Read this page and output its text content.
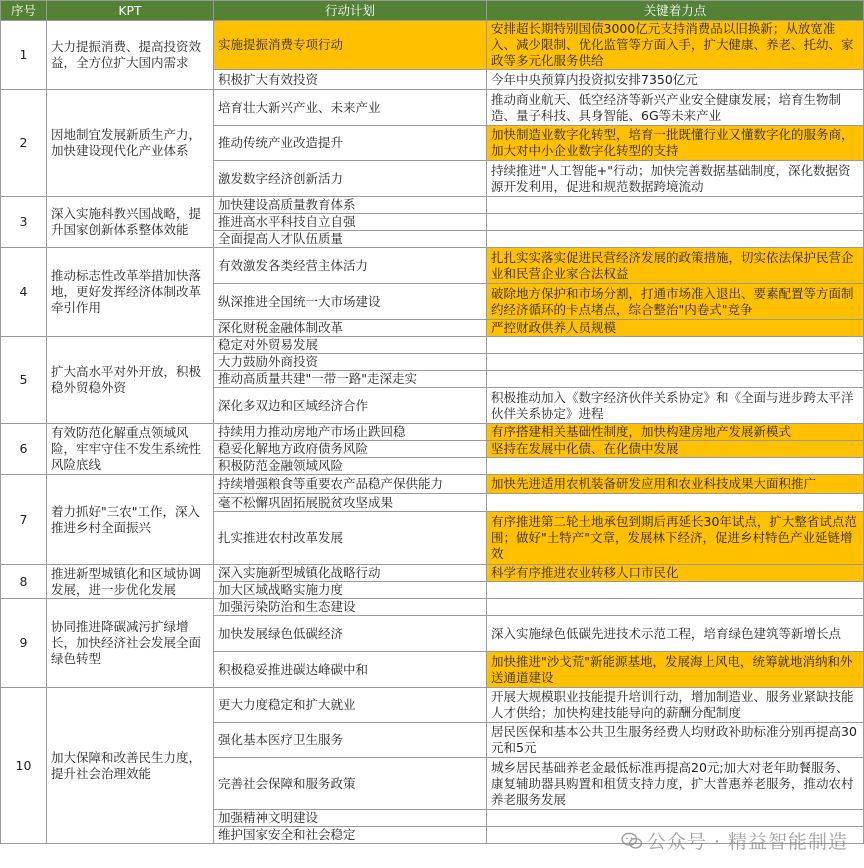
序号	KPT	行动计划	关键着力点
1	大力提振消费、提高投资效益，全方位扩大国内需求	实施提振消费专项行动	安排超长期特别国债3000亿元支持消费品以旧换新；从放宽准入、减少限制、优化监管等方面入手，扩大健康、养老、托幼、家政等多元化服务供给
		积极扩大有效投资	今年中央预算内投资拟安排7350亿元
2	因地制宜发展新质生产力，加快建设现代化产业体系	培育壮大新兴产业、未来产业	推动商业航天、低空经济等新兴产业安全健康发展；培育生物制造、量子科技、具身智能、6G等未来产业
		推动传统产业改造提升	加快制造业数字化转型，培育一批既懂行业又懂数字化的服务商，加大对中小企业数字化转型的支持
		激发数字经济创新活力	持续推进"人工智能+"行动；加快完善数据基础制度，深化数据资源开发利用，促进和规范数据跨境流动
3	深入实施科教兴国战略，提升国家创新体系整体效能	加快建设高质量教育体系	
		推进高水平科技自立自强	
		全面提高人才队伍质量	
4	推动标志性改革举措加快落地，更好发挥经济体制改革牵引作用	有效激发各类经营主体活力	扎扎实实落实促进民营经济发展的政策措施，切实依法保护民营企业和民营企业家合法权益
		纵深推进全国统一大市场建设	破除地方保护和市场分割，打通市场准入退出、要素配置等方面制约经济循环的卡点堵点，综合整治"内卷式"竞争
		深化财税金融体制改革	严控财政供养人员规模
5	扩大高水平对外开放，积极稳外贸稳外资	稳定对外贸易发展	
		大力鼓励外商投资	
		推动高质量共建"一带一路"走深走实	
		深化多双边和区域经济合作	积极推动加入《数字经济伙伴关系协定》和《全面与进步跨太平洋伙伴关系协定》进程
6	有效防范化解重点领域风险，牢牢守住不发生系统性风险底线	持续用力推动房地产市场止跌回稳	有序搭建相关基础性制度，加快构建房地产发展新模式
		稳妥化解地方政府债务风险	坚持在发展中化债、在化债中发展
		积极防范金融领域风险	
7	着力抓好"三农"工作，深入推进乡村全面振兴	持续增强粮食等重要农产品稳产保供能力	加快先进适用农机装备研发应用和农业科技成果大面积推广
		毫不松懈巩固拓展脱贫攻坚成果	
		扎实推进农村改革发展	有序推进第二轮土地承包到期后再延长30年试点，扩大整省试点范围；做好"土特产"文章，发展林下经济，促进乡村特色产业延链增效
8	推进新型城镇化和区域协调发展，进一步优化发展	深入实施新型城镇化战略行动	科学有序推进农业转移人口市民化
		加大区域战略实施力度	
9	协同推进降碳减污扩绿增长，加快经济社会发展全面绿色转型	加强污染防治和生态建设	
		加快发展绿色低碳经济	深入实施绿色低碳先进技术示范工程，培育绿色建筑等新增长点
		积极稳妥推进碳达峰碳中和	加快推进"沙戈荒"新能源基地，发展海上风电，统筹就地消纳和外送通道建设
10	加大保障和改善民生力度，提升社会治理效能	更大力度稳定和扩大就业	开展大规模职业技能提升培训行动，增加制造业、服务业紧缺技能人才供给；加快构建技能导向的薪酬分配制度
		强化基本医疗卫生服务	居民医保和基本公共卫生服务经费人均财政补助标准分别再提高30元和5元
		完善社会保障和服务政策	城乡居民基础养老金最低标准再提高20元;加大对老年助餐服务、康复辅助器具购置和租赁支持力度，扩大普惠养老服务，推动农村养老服务发展
		加强精神文明建设	
		维护国家安全和社会稳定		公众号 · 精益智能制造
